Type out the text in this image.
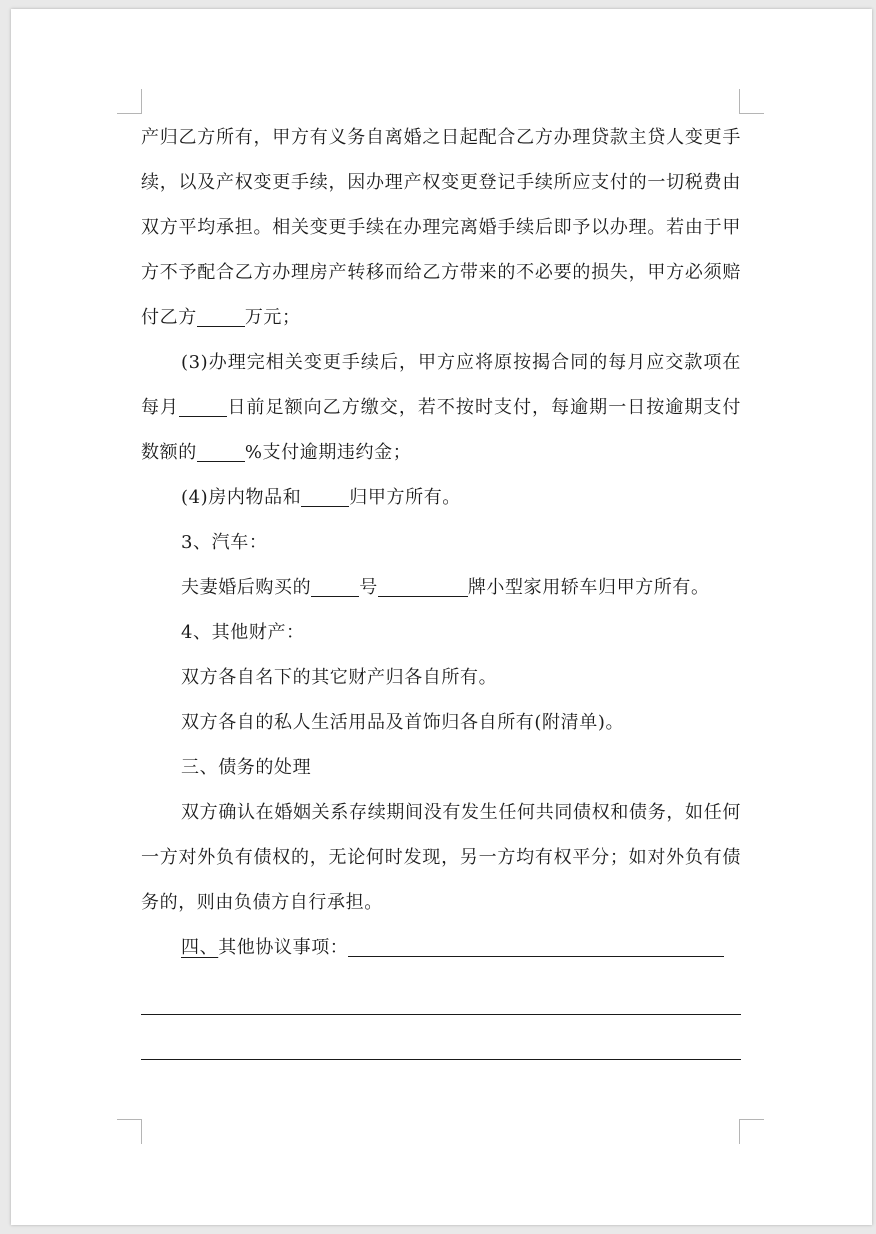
产归乙方所有，甲方有义务自离婚之日起配合乙方办理贷款主贷人变更手续，以及产权变更手续，因办理产权变更登记手续所应支付的一切税费由双方平均承担。相关变更手续在办理完离婚手续后即予以办理。若由于甲方不予配合乙方办理房产转移而给乙方带来的不必要的损失，甲方必须赔付乙方	万元；

(3)办理完相关变更手续后，甲方应将原按揭合同的每月应交款项在每月	日前足额向乙方缴交，若不按时支付，每逾期一日按逾期支付数额的	%支付逾期违约金；

(4)房内物品和	归甲方所有。

3、汽车：

夫妻婚后购买的	号	牌小型家用轿车归甲方所有。

4、其他财产：

双方各自名下的其它财产归各自所有。

双方各自的私人生活用品及首饰归各自所有(附清单)。

三、债务的处理

双方确认在婚姻关系存续期间没有发生任何共同债权和债务，如任何一方对外负有债权的，无论何时发现，另一方均有权平分；如对外负有债务的，则由负债方自行承担。

四、其他协议事项：
